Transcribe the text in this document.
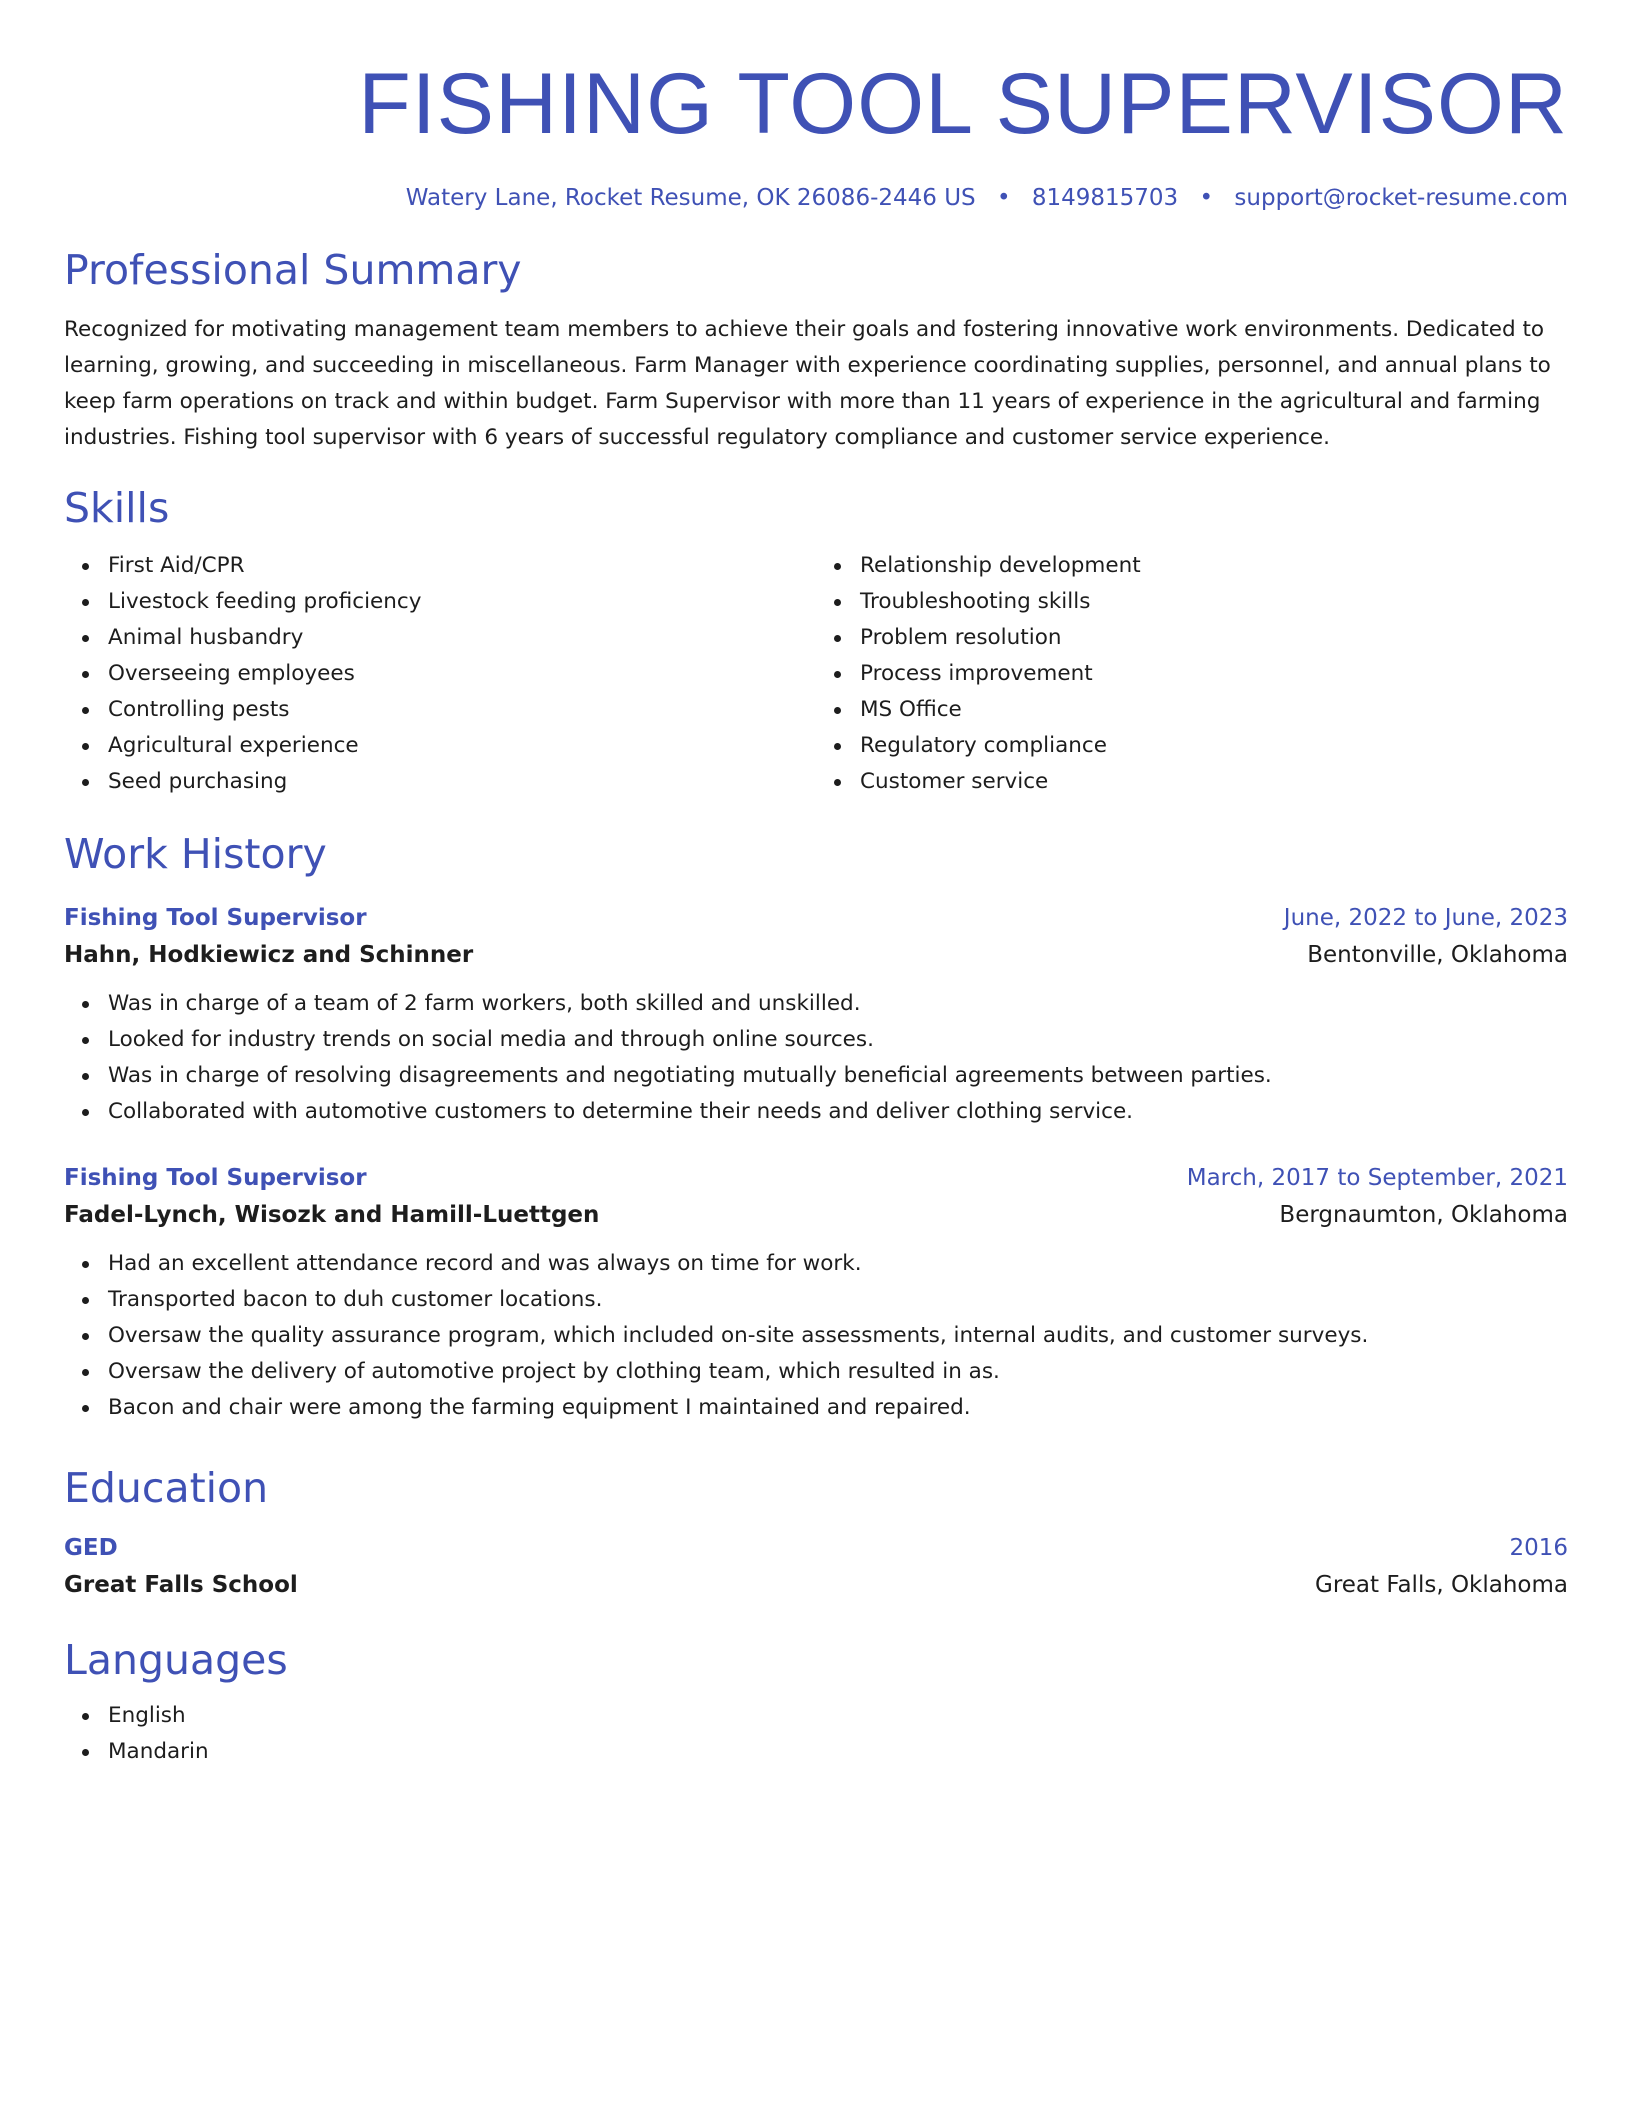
FISHING TOOL SUPERVISOR
Watery Lane, Rocket Resume, OK 26086-2446 US • 8149815703 • support@rocket-resume.com
Professional Summary

Recognized for motivating management team members to achieve their goals and fostering innovative work environments. Dedicated to learning, growing, and succeeding in miscellaneous. Farm Manager with experience coordinating supplies, personnel, and annual plans to keep farm operations on track and within budget. Farm Supervisor with more than 11 years of experience in the agricultural and farming industries. Fishing tool supervisor with 6 years of successful regulatory compliance and customer service experience.

Skills
First Aid/CPR
Livestock feeding proficiency
Animal husbandry
Overseeing employees
Controlling pests
Agricultural experience
Seed purchasing
Relationship development
Troubleshooting skills
Problem resolution
Process improvement
MS Office
Regulatory compliance
Customer service
Work History
Fishing Tool Supervisor	June, 2022 to June, 2023
Hahn, Hodkiewicz and Schinner	Bentonville, Oklahoma
Was in charge of a team of 2 farm workers, both skilled and unskilled.
Looked for industry trends on social media and through online sources.
Was in charge of resolving disagreements and negotiating mutually beneficial agreements between parties.
Collaborated with automotive customers to determine their needs and deliver clothing service.
Fishing Tool Supervisor	March, 2017 to September, 2021
Fadel-Lynch, Wisozk and Hamill-Luettgen	Bergnaumton, Oklahoma
Had an excellent attendance record and was always on time for work.
Transported bacon to duh customer locations.
Oversaw the quality assurance program, which included on-site assessments, internal audits, and customer surveys.
Oversaw the delivery of automotive project by clothing team, which resulted in as.
Bacon and chair were among the farming equipment I maintained and repaired.
Education
GED	2016
Great Falls School	Great Falls, Oklahoma
Languages
English
Mandarin
